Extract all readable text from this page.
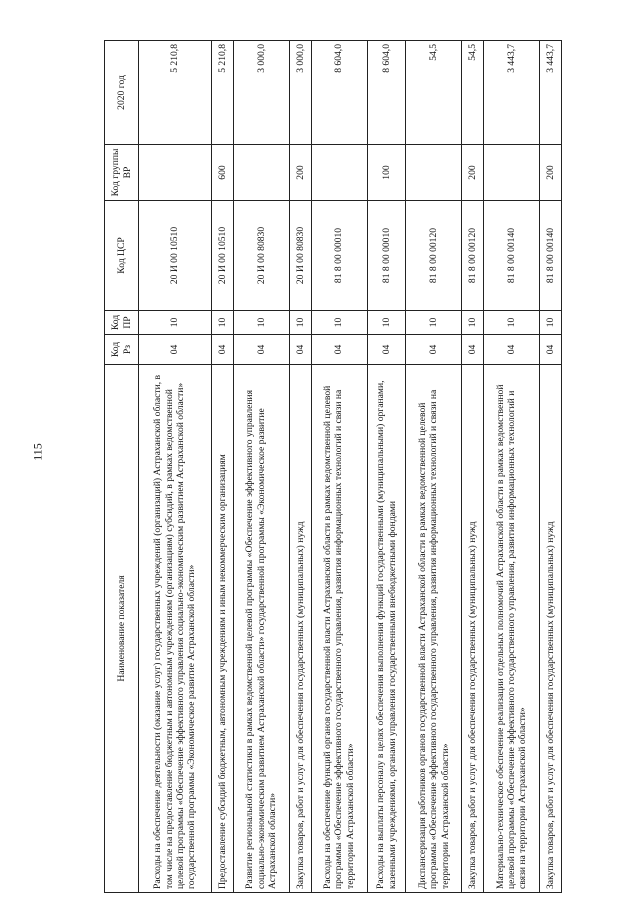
115
Наименование показателя	Код Рз	Код ПР	Код ЦСР	Код группы ВР	2020 год
Расходы на обеспечение деятельности (оказание услуг) государственных учреждений (организаций) Астраханской области, в том числе на предоставление бюджетным и автономным учреждениям (организациям) субсидий, в рамках ведомственной целевой программы «Обеспечение эффективного управления социально-экономическим развитием Астраханской области» государственной программы «Экономическое развитие Астраханской области»	04	10	20 И 00 10510		5 210,8
Предоставление субсидий бюджетным, автономным учреждениям и иным некоммерческим организациям	04	10	20 И 00 10510	600	5 210,8
Развитие региональной статистики в рамках ведомственной целевой программы «Обеспечение эффективного управления социально-экономическим развитием Астраханской области» государственной программы «Экономическое развитие Астраханской области»	04	10	20 И 00 80830		3 000,0
Закупка товаров, работ и услуг для обеспечения государственных (муниципальных) нужд	04	10	20 И 00 80830	200	3 000,0
Расходы на обеспечение функций органов государственной власти Астраханской области в рамках ведомственной целевой программы «Обеспечение эффективного государственного управления, развития информационных технологий и связи на территории Астраханской области»	04	10	81 8 00 00010		8 604,0
Расходы на выплаты персоналу в целях обеспечения выполнения функций государственными (муниципальными) органами, казенными учреждениями, органами управления государственными внебюджетными фондами	04	10	81 8 00 00010	100	8 604,0
Диспансеризация работников органов государственной власти Астраханской области в рамках ведомственной целевой программы «Обеспечение эффективного государственного управления, развития информационных технологий и связи на территории Астраханской области»	04	10	81 8 00 00120		54,5
Закупка товаров, работ и услуг для обеспечения государственных (муниципальных) нужд	04	10	81 8 00 00120	200	54,5
Материально-техническое обеспечение реализации отдельных полномочий Астраханской области в рамках ведомственной целевой программы «Обеспечение эффективного государственного управления, развития информационных технологий и связи на территории Астраханской области»	04	10	81 8 00 00140		3 443,7
Закупка товаров, работ и услуг для обеспечения государственных (муниципальных) нужд	04	10	81 8 00 00140	200	3 443,7
